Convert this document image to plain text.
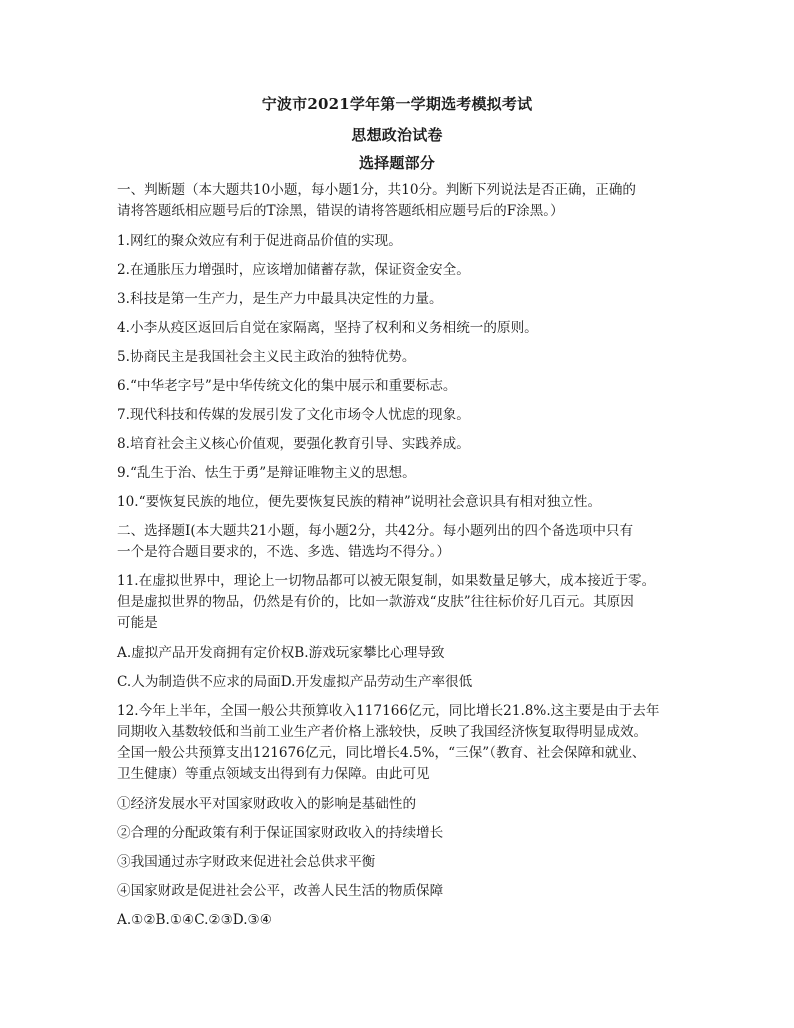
宁波市2021学年第一学期选考模拟考试
思想政治试卷
选择题部分
一、判断题（本大题共10小题，每小题1分，共10分。判断下列说法是否正确，正确的
请将答题纸相应题号后的T涂黑，错误的请将答题纸相应题号后的F涂黑。）
1.网红的聚众效应有利于促进商品价值的实现。
2.在通胀压力增强时，应该增加储蓄存款，保证资金安全。
3.科技是第一生产力，是生产力中最具决定性的力量。
4.小李从疫区返回后自觉在家隔离，坚持了权利和义务相统一的原则。
5.协商民主是我国社会主义民主政治的独特优势。
6.“中华老字号”是中华传统文化的集中展示和重要标志。
7.现代科技和传媒的发展引发了文化市场令人忧虑的现象。
8.培育社会主义核心价值观，要强化教育引导、实践养成。
9.“乱生于治、怯生于勇”是辩证唯物主义的思想。
10.“要恢复民族的地位，便先要恢复民族的精神”说明社会意识具有相对独立性。
二、选择题Ⅰ(本大题共21小题，每小题2分，共42分。每小题列出的四个备选项中只有
一个是符合题目要求的，不选、多选、错选均不得分。）
11.在虚拟世界中，理论上一切物品都可以被无限复制，如果数量足够大，成本接近于零。
但是虚拟世界的物品，仍然是有价的，比如一款游戏“皮肤”往往标价好几百元。其原因
可能是
A.虚拟产品开发商拥有定价权B.游戏玩家攀比心理导致
C.人为制造供不应求的局面D.开发虚拟产品劳动生产率很低
12.今年上半年，全国一般公共预算收入117166亿元，同比增长21.8%.这主要是由于去年
同期收入基数较低和当前工业生产者价格上涨较快，反映了我国经济恢复取得明显成效。
全国一般公共预算支出121676亿元，同比增长4.5%，“三保”（教育、社会保障和就业、
卫生健康）等重点领域支出得到有力保障。由此可见
①经济发展水平对国家财政收入的影响是基础性的
②合理的分配政策有利于保证国家财政收入的持续增长
③我国通过赤字财政来促进社会总供求平衡
④国家财政是促进社会公平，改善人民生活的物质保障
A.①②B.①④C.②③D.③④
